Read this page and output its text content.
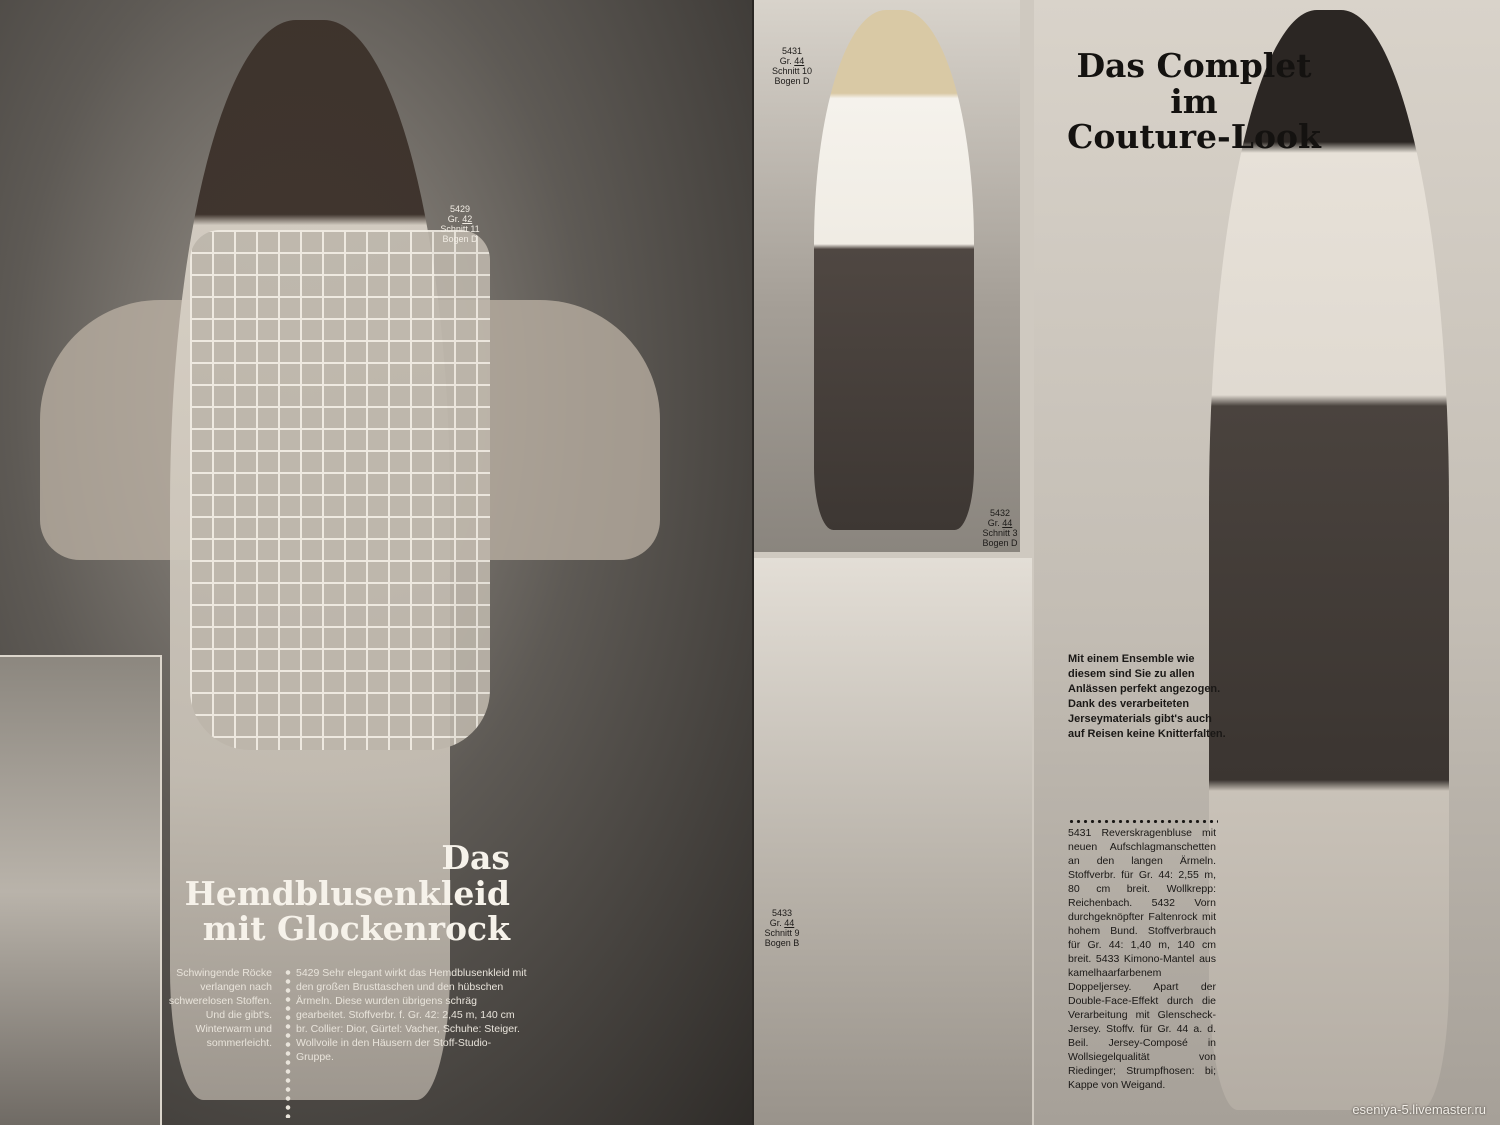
5429
Gr. 42
Schnitt 11
Bogen D
Das
Hemdblusenkleid
mit Glockenrock
Schwingende Röcke verlangen nach schwerelosen Stoffen. Und die gibt's. Winterwarm und sommerleicht.

5429 Sehr elegant wirkt das Hemdblusenkleid mit den großen Brusttaschen und den hübschen Ärmeln. Diese wurden übrigens schräg gearbeitet. Stoffverbr. f. Gr. 42: 2,45 m, 140 cm br. Collier: Dior, Gürtel: Vacher, Schuhe: Steiger. Wollvoile in den Häusern der Stoff-Studio-Gruppe.

5431
Gr. 44
Schnitt 10
Bogen D
5432
Gr. 44
Schnitt 3
Bogen D
5433
Gr. 44
Schnitt 9
Bogen B
Das Complet
im
Couture-Look
Mit einem Ensemble wie diesem sind Sie zu allen Anlässen perfekt angezogen. Dank des verarbeiteten Jerseymaterials gibt's auch auf Reisen keine Knitterfalten.

5431 Reverskragenbluse mit neuen Aufschlagmanschetten an den langen Ärmeln. Stoffverbr. für Gr. 44: 2,55 m, 80 cm breit. Wollkrepp: Reichenbach. 5432 Vorn durchgeknöpfter Faltenrock mit hohem Bund. Stoffverbrauch für Gr. 44: 1,40 m, 140 cm breit. 5433 Kimono-Mantel aus kamelhaarfarbenem Doppeljersey. Apart der Double-Face-Effekt durch die Verarbeitung mit Glenscheck-Jersey. Stoffv. für Gr. 44 a. d. Beil. Jersey-Composé in Wollsiegelqualität von Riedinger; Strumpfhosen: bi; Kappe von Weigand.

eseniya-5.livemaster.ru
